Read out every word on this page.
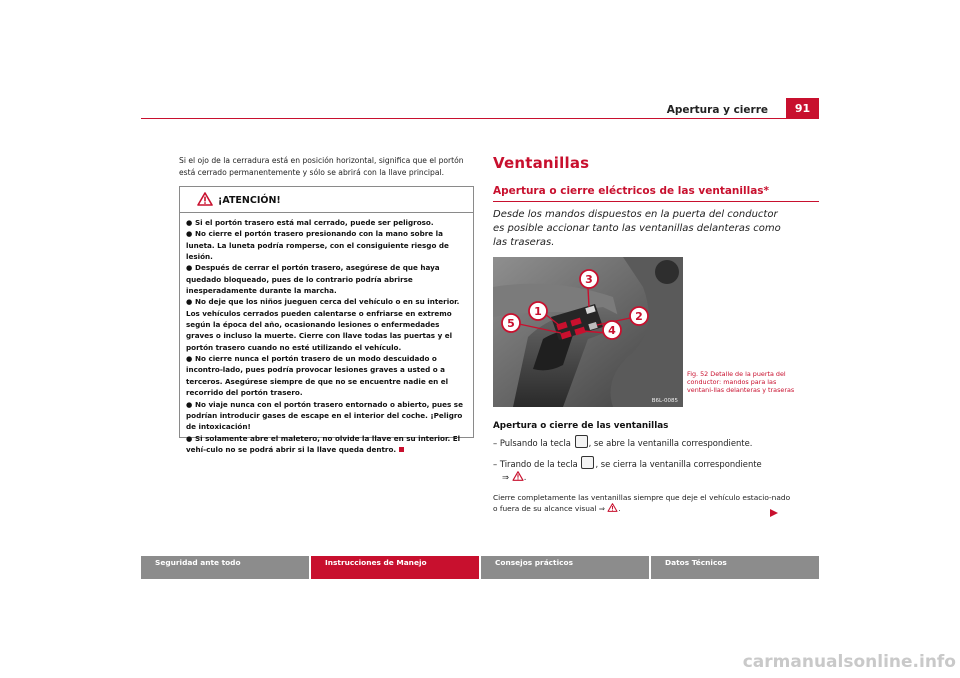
Apertura y cierre	91
Si el ojo de la cerradura está en posición horizontal, significa que el portón está cerrado permanentemente y sólo se abrirá con la llave principal.
¡ATENCIÓN!
● Si el portón trasero está mal cerrado, puede ser peligroso.
● No cierre el portón trasero presionando con la mano sobre la luneta. La luneta podría romperse, con el consiguiente riesgo de lesión.
● Después de cerrar el portón trasero, asegúrese de que haya quedado bloqueado, pues de lo contrario podría abrirse inesperadamente durante la marcha.
● No deje que los niños jueguen cerca del vehículo o en su interior. Los vehículos cerrados pueden calentarse o enfriarse en extremo según la época del año, ocasionando lesiones o enfermedades graves o incluso la muerte. Cierre con llave todas las puertas y el portón trasero cuando no esté utilizando el vehículo.
● No cierre nunca el portón trasero de un modo descuidado o incontro-lado, pues podría provocar lesiones graves a usted o a terceros. Asegúrese siempre de que no se encuentre nadie en el recorrido del portón trasero.
● No viaje nunca con el portón trasero entornado o abierto, pues se podrían introducir gases de escape en el interior del coche. ¡Peligro de intoxicación!
● Si solamente abre el maletero, no olvide la llave en su interior. El vehí-culo no se podrá abrir si la llave queda dentro.
Ventanillas
Apertura o cierre eléctricos de las ventanillas*
Desde los mandos dispuestos en la puerta del conductor es posible accionar tanto las ventanillas delanteras como las traseras.
1	2
3
4
5
B6L-0085
Fig. 52 Detalle de la puerta del conductor: mandos para las ventani-llas delanteras y traseras
Apertura o cierre de las ventanillas
– Pulsando la tecla , se abre la ventanilla correspondiente.
– Tirando de la tecla , se cierra la ventanilla correspondiente
⇒ .
Cierre completamente las ventanillas siempre que deje el vehículo estacio-nado o fuera de su alcance visual ⇒ .
Seguridad ante todo	Instrucciones de Manejo	Consejos prácticos	Datos Técnicos
carmanualsonline.info
